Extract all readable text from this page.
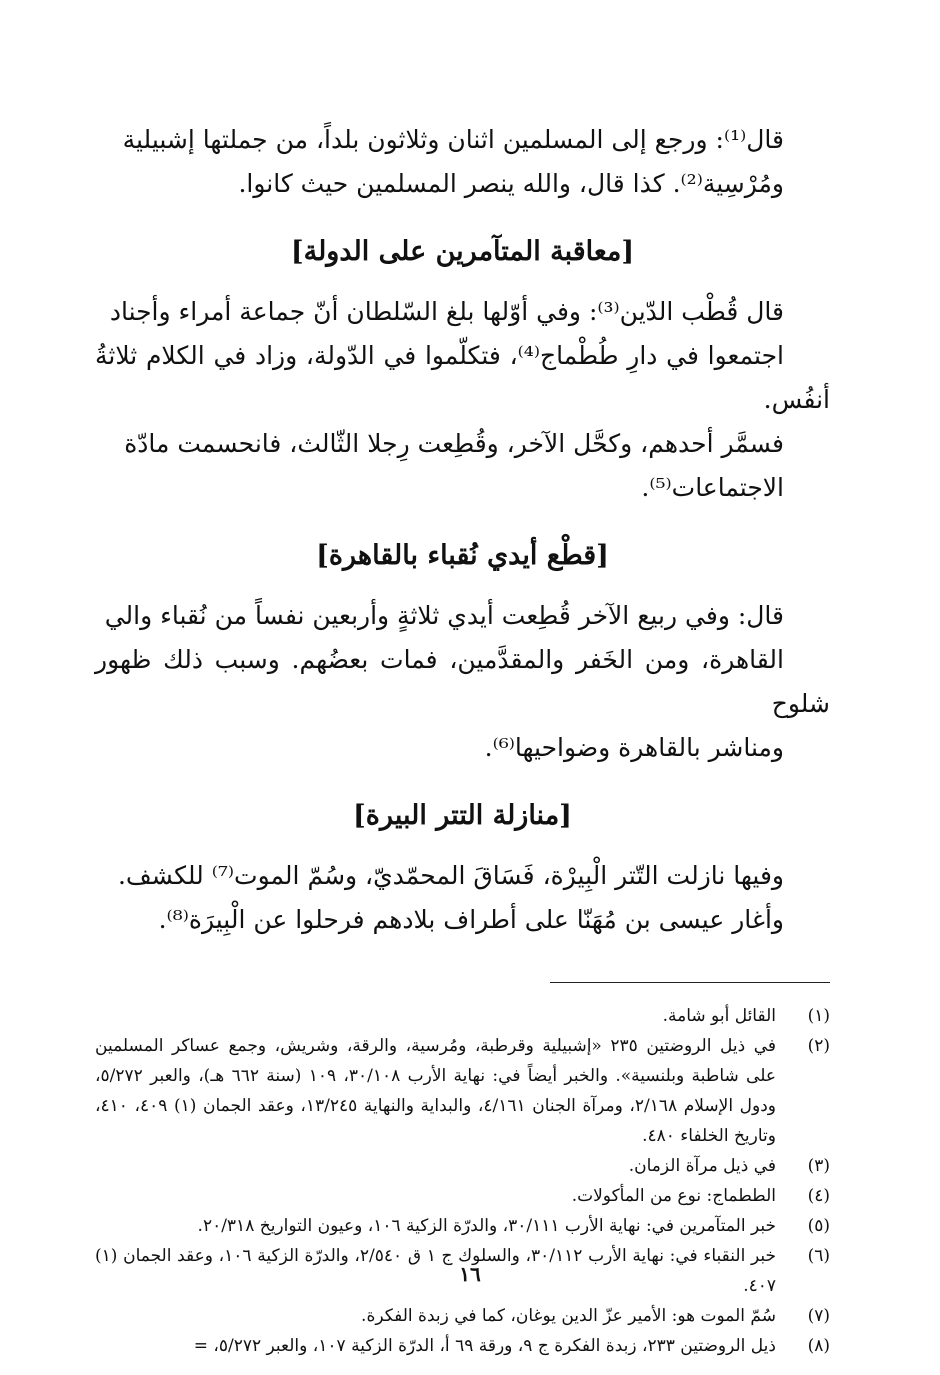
قال⁽¹⁾: ورجع إلى المسلمين اثنان وثلاثون بلداً، من جملتها إشبيلية

ومُرْسِية⁽²⁾. كذا قال، والله ينصر المسلمين حيث كانوا.

[معاقبة المتآمرين على الدولة]

قال قُطْب الدّين⁽³⁾: وفي أوّلها بلغ السّلطان أنّ جماعة أمراء وأجناد

اجتمعوا في دارِ طُطْماج⁽⁴⁾، فتكلّموا في الدّولة، وزاد في الكلام ثلاثةُ أنفُس.

فسمَّر أحدهم، وكحَّل الآخر، وقُطِعت رِجلا الثّالث، فانحسمت مادّة

الاجتماعات⁽⁵⁾.

[قطْع أيدي نُقباء بالقاهرة]

قال: وفي ربيع الآخر قُطِعت أيدي ثلاثةٍ وأربعين نفساً من نُقباء والي

القاهرة، ومن الخَفر والمقدَّمين، فمات بعضُهم. وسبب ذلك ظهور شلوح

ومناشر بالقاهرة وضواحيها⁽⁶⁾.

[منازلة التتر البيرة]

وفيها نازلت التّتر الْبِيرْة، فَسَاقَ المحمّديّ، وسُمّ الموت⁽⁷⁾ للكشف.

وأغار عيسى بن مُهَنّا على أطراف بلادهم فرحلوا عن الْبِيرَة⁽⁸⁾.

(١)
القائل أبو شامة.
(٢)
في ذيل الروضتين ٢٣٥ «إشبيلية وقرطبة، ومُرسية، والرقة، وشريش، وجمع عساكر المسلمين على شاطبة وبلنسية». والخبر أيضاً في: نهاية الأرب ٣٠/١٠٨، ١٠٩ (سنة ٦٦٢ هـ)، والعبر ٥/٢٧٢، ودول الإسلام ٢/١٦٨، ومرآة الجنان ٤/١٦١، والبداية والنهاية ١٣/٢٤٥، وعقد الجمان (١) ٤٠٩، ٤١٠، وتاريخ الخلفاء ٤٨٠.
(٣)
في ذيل مرآة الزمان.
(٤)
الططماج: نوع من المأكولات.
(٥)
خبر المتآمرين في: نهاية الأرب ٣٠/١١١، والدرّة الزكية ١٠٦، وعيون التواريخ ٢٠/٣١٨.
(٦)
خبر النقباء في: نهاية الأرب ٣٠/١١٢، والسلوك ج ١ ق ٢/٥٤٠، والدرّة الزكية ١٠٦، وعقد الجمان (١) ٤٠٧.
(٧)
سُمّ الموت هو: الأمير عزّ الدين يوغان، كما في زبدة الفكرة.
(٨)
ذيل الروضتين ٢٣٣، زبدة الفكرة ج ٩، ورقة ٦٩ أ، الدرّة الزكية ١٠٧، والعبر ٥/٢٧٢، =
١٦
